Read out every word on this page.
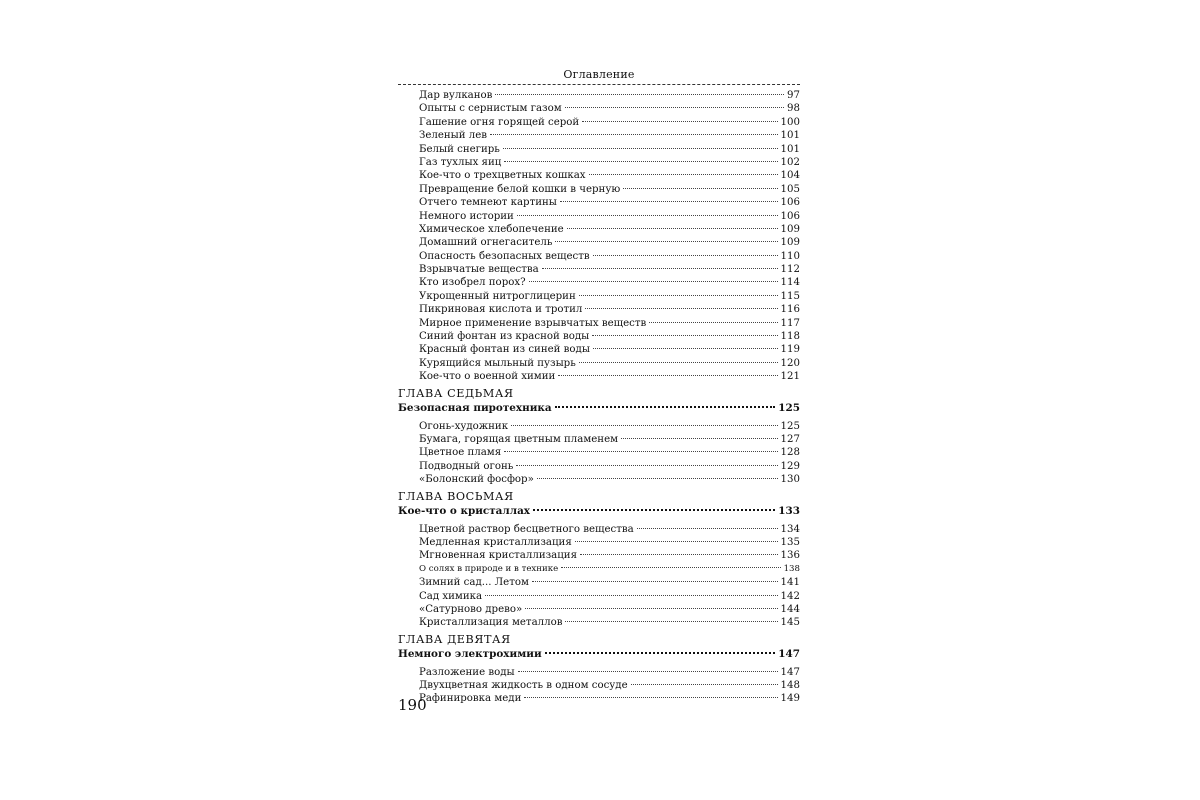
Оглавление
Дар вулканов	97
Опыты с сернистым газом	98
Гашение огня горящей серой	100
Зеленый лев	101
Белый снегирь	101
Газ тухлых яиц	102
Кое-что о трехцветных кошках	104
Превращение белой кошки в черную	105
Отчего темнеют картины	106
Немного истории	106
Химическое хлебопечение	109
Домашний огнегаситель	109
Опасность безопасных веществ	110
Взрывчатые вещества	112
Кто изобрел порох?	114
Укрощенный нитроглицерин	115
Пикриновая кислота и тротил	116
Мирное применение взрывчатых веществ	117
Синий фонтан из красной воды	118
Красный фонтан из синей воды	119
Курящийся мыльный пузырь	120
Кое-что о военной химии	121
ГЛАВА СЕДЬМАЯ
Безопасная пиротехника	125
Огонь-художник	125
Бумага, горящая цветным пламенем	127
Цветное пламя	128
Подводный огонь	129
«Болонский фосфор»	130
ГЛАВА ВОСЬМАЯ
Кое-что о кристаллах	133
Цветной раствор бесцветного вещества	134
Медленная кристаллизация	135
Мгновенная кристаллизация	136
О солях в природе и в технике	138
Зимний сад... Летом	141
Сад химика	142
«Сатурново древо»	144
Кристаллизация металлов	145
ГЛАВА ДЕВЯТАЯ
Немного электрохимии	147
Разложение воды	147
Двухцветная жидкость в одном сосуде	148
Рафинировка меди	149
190
